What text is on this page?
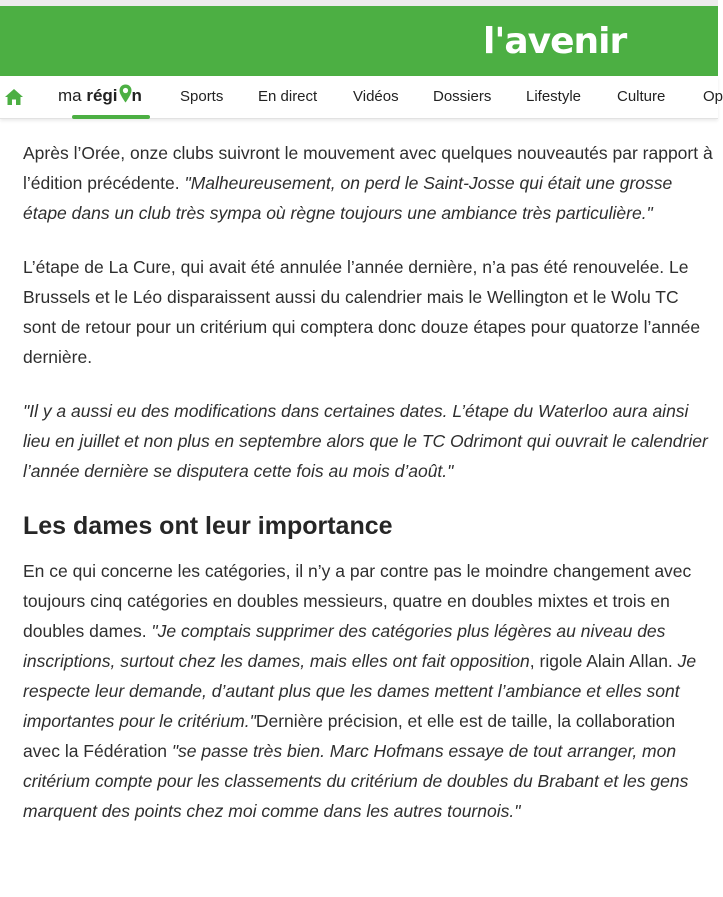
l'avenir
ma régi n	Sports En direct Vidéos Dossiers Lifestyle Culture	Op

Après l’Orée, onze clubs suivront le mouvement avec quelques nouveautés par rapport à l’édition précédente. "Malheureusement, on perd le Saint-Josse qui était une grosse étape dans un club très sympa où règne toujours une ambiance très particulière."

L’étape de La Cure, qui avait été annulée l’année dernière, n’a pas été renouvelée. Le Brussels et le Léo disparaissent aussi du calendrier mais le Wellington et le Wolu TC sont de retour pour un critérium qui comptera donc douze étapes pour quatorze l’année dernière.

"Il y a aussi eu des modifications dans certaines dates. L’étape du Waterloo aura ainsi lieu en juillet et non plus en septembre alors que le TC Odrimont qui ouvrait le calendrier l’année dernière se disputera cette fois au mois d’août."

Les dames ont leur importance

En ce qui concerne les catégories, il n’y a par contre pas le moindre changement avec toujours cinq catégories en doubles messieurs, quatre en doubles mixtes et trois en doubles dames. "Je comptais supprimer des catégories plus légères au niveau des inscriptions, surtout chez les dames, mais elles ont fait opposition, rigole Alain Allan. Je respecte leur demande, d’autant plus que les dames mettent l’ambiance et elles sont importantes pour le critérium."Dernière précision, et elle est de taille, la collaboration avec la Fédération "se passe très bien. Marc Hofmans essaye de tout arranger, mon critérium compte pour les classements du critérium de doubles du Brabant et les gens marquent des points chez moi comme dans les autres tournois."
